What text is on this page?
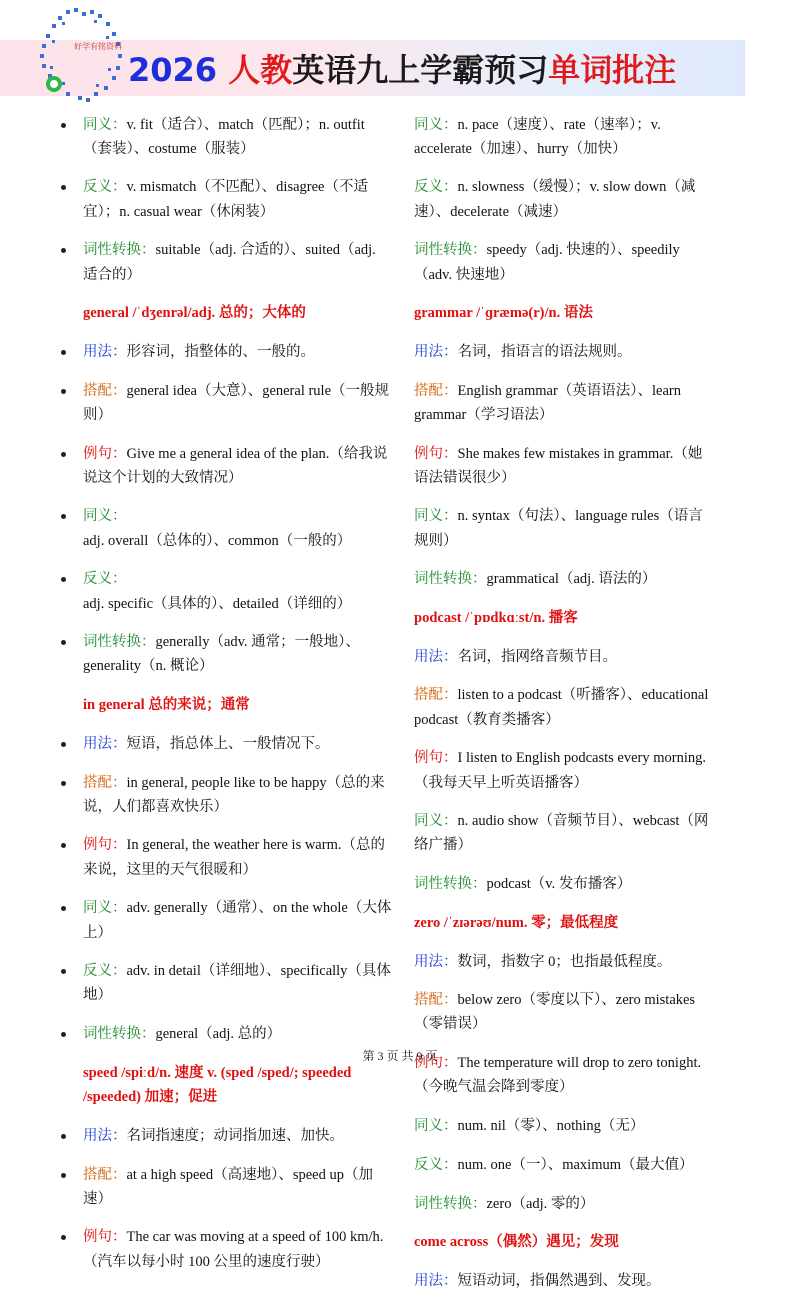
好学有铭资料
2026 人教英语九上学霸预习单词批注

同义：v. fit（适合）、match（匹配）；n. outfit（套装）、costume（服装）

反义：v. mismatch（不匹配）、disagree（不适宜）；n. casual wear（休闲装）

词性转换：suitable（adj. 合适的）、suited（adj. 适合的）

general /ˈdʒenrəl/adj. 总的；大体的

用法：形容词，指整体的、一般的。

搭配：general idea（大意）、general rule（一般规则）

例句：Give me a general idea of the plan.（给我说说这个计划的大致情况）

同义：adj. overall（总体的）、common（一般的）

反义：adj. specific（具体的）、detailed（详细的）

词性转换：generally（adv. 通常；一般地）、generality（n. 概论）

in general 总的来说；通常

用法：短语，指总体上、一般情况下。

搭配：in general, people like to be happy（总的来说，人们都喜欢快乐）

例句：In general, the weather here is warm.（总的来说，这里的天气很暖和）

同义：adv. generally（通常）、on the whole（大体上）

反义：adv. in detail（详细地）、specifically（具体地）

词性转换：general（adj. 总的）

speed /spiːd/n. 速度 v. (sped /sped/; speeded /speeded) 加速；促进

用法：名词指速度；动词指加速、加快。

搭配：at a high speed（高速地）、speed up（加速）

例句：The car was moving at a speed of 100 km/h.（汽车以每小时 100 公里的速度行驶）

同义：n. pace（速度）、rate（速率）；v. accelerate（加速）、hurry（加快）

反义：n. slowness（缓慢）；v. slow down（减速）、decelerate（减速）

词性转换：speedy（adj. 快速的）、speedily（adv. 快速地）

grammar /ˈɡræmə(r)/n. 语法

用法：名词，指语言的语法规则。

搭配：English grammar（英语语法）、learn grammar（学习语法）

例句：She makes few mistakes in grammar.（她语法错误很少）

同义：n. syntax（句法）、language rules（语言规则）

词性转换：grammatical（adj. 语法的）

podcast /ˈpɒdkɑːst/n. 播客

用法：名词，指网络音频节目。

搭配：listen to a podcast（听播客）、educational podcast（教育类播客）

例句：I listen to English podcasts every morning.（我每天早上听英语播客）

同义：n. audio show（音频节目）、webcast（网络广播）

词性转换：podcast（v. 发布播客）

zero /ˈzɪərəʊ/num. 零；最低程度

用法：数词，指数字 0；也指最低程度。

搭配：below zero（零度以下）、zero mistakes（零错误）

例句：The temperature will drop to zero tonight.（今晚气温会降到零度）

同义：num. nil（零）、nothing（无）

反义：num. one（一）、maximum（最大值）

词性转换：zero（adj. 零的）

come across（偶然）遇见；发现

用法：短语动词，指偶然遇到、发现。

第 3 页 共 9 页
